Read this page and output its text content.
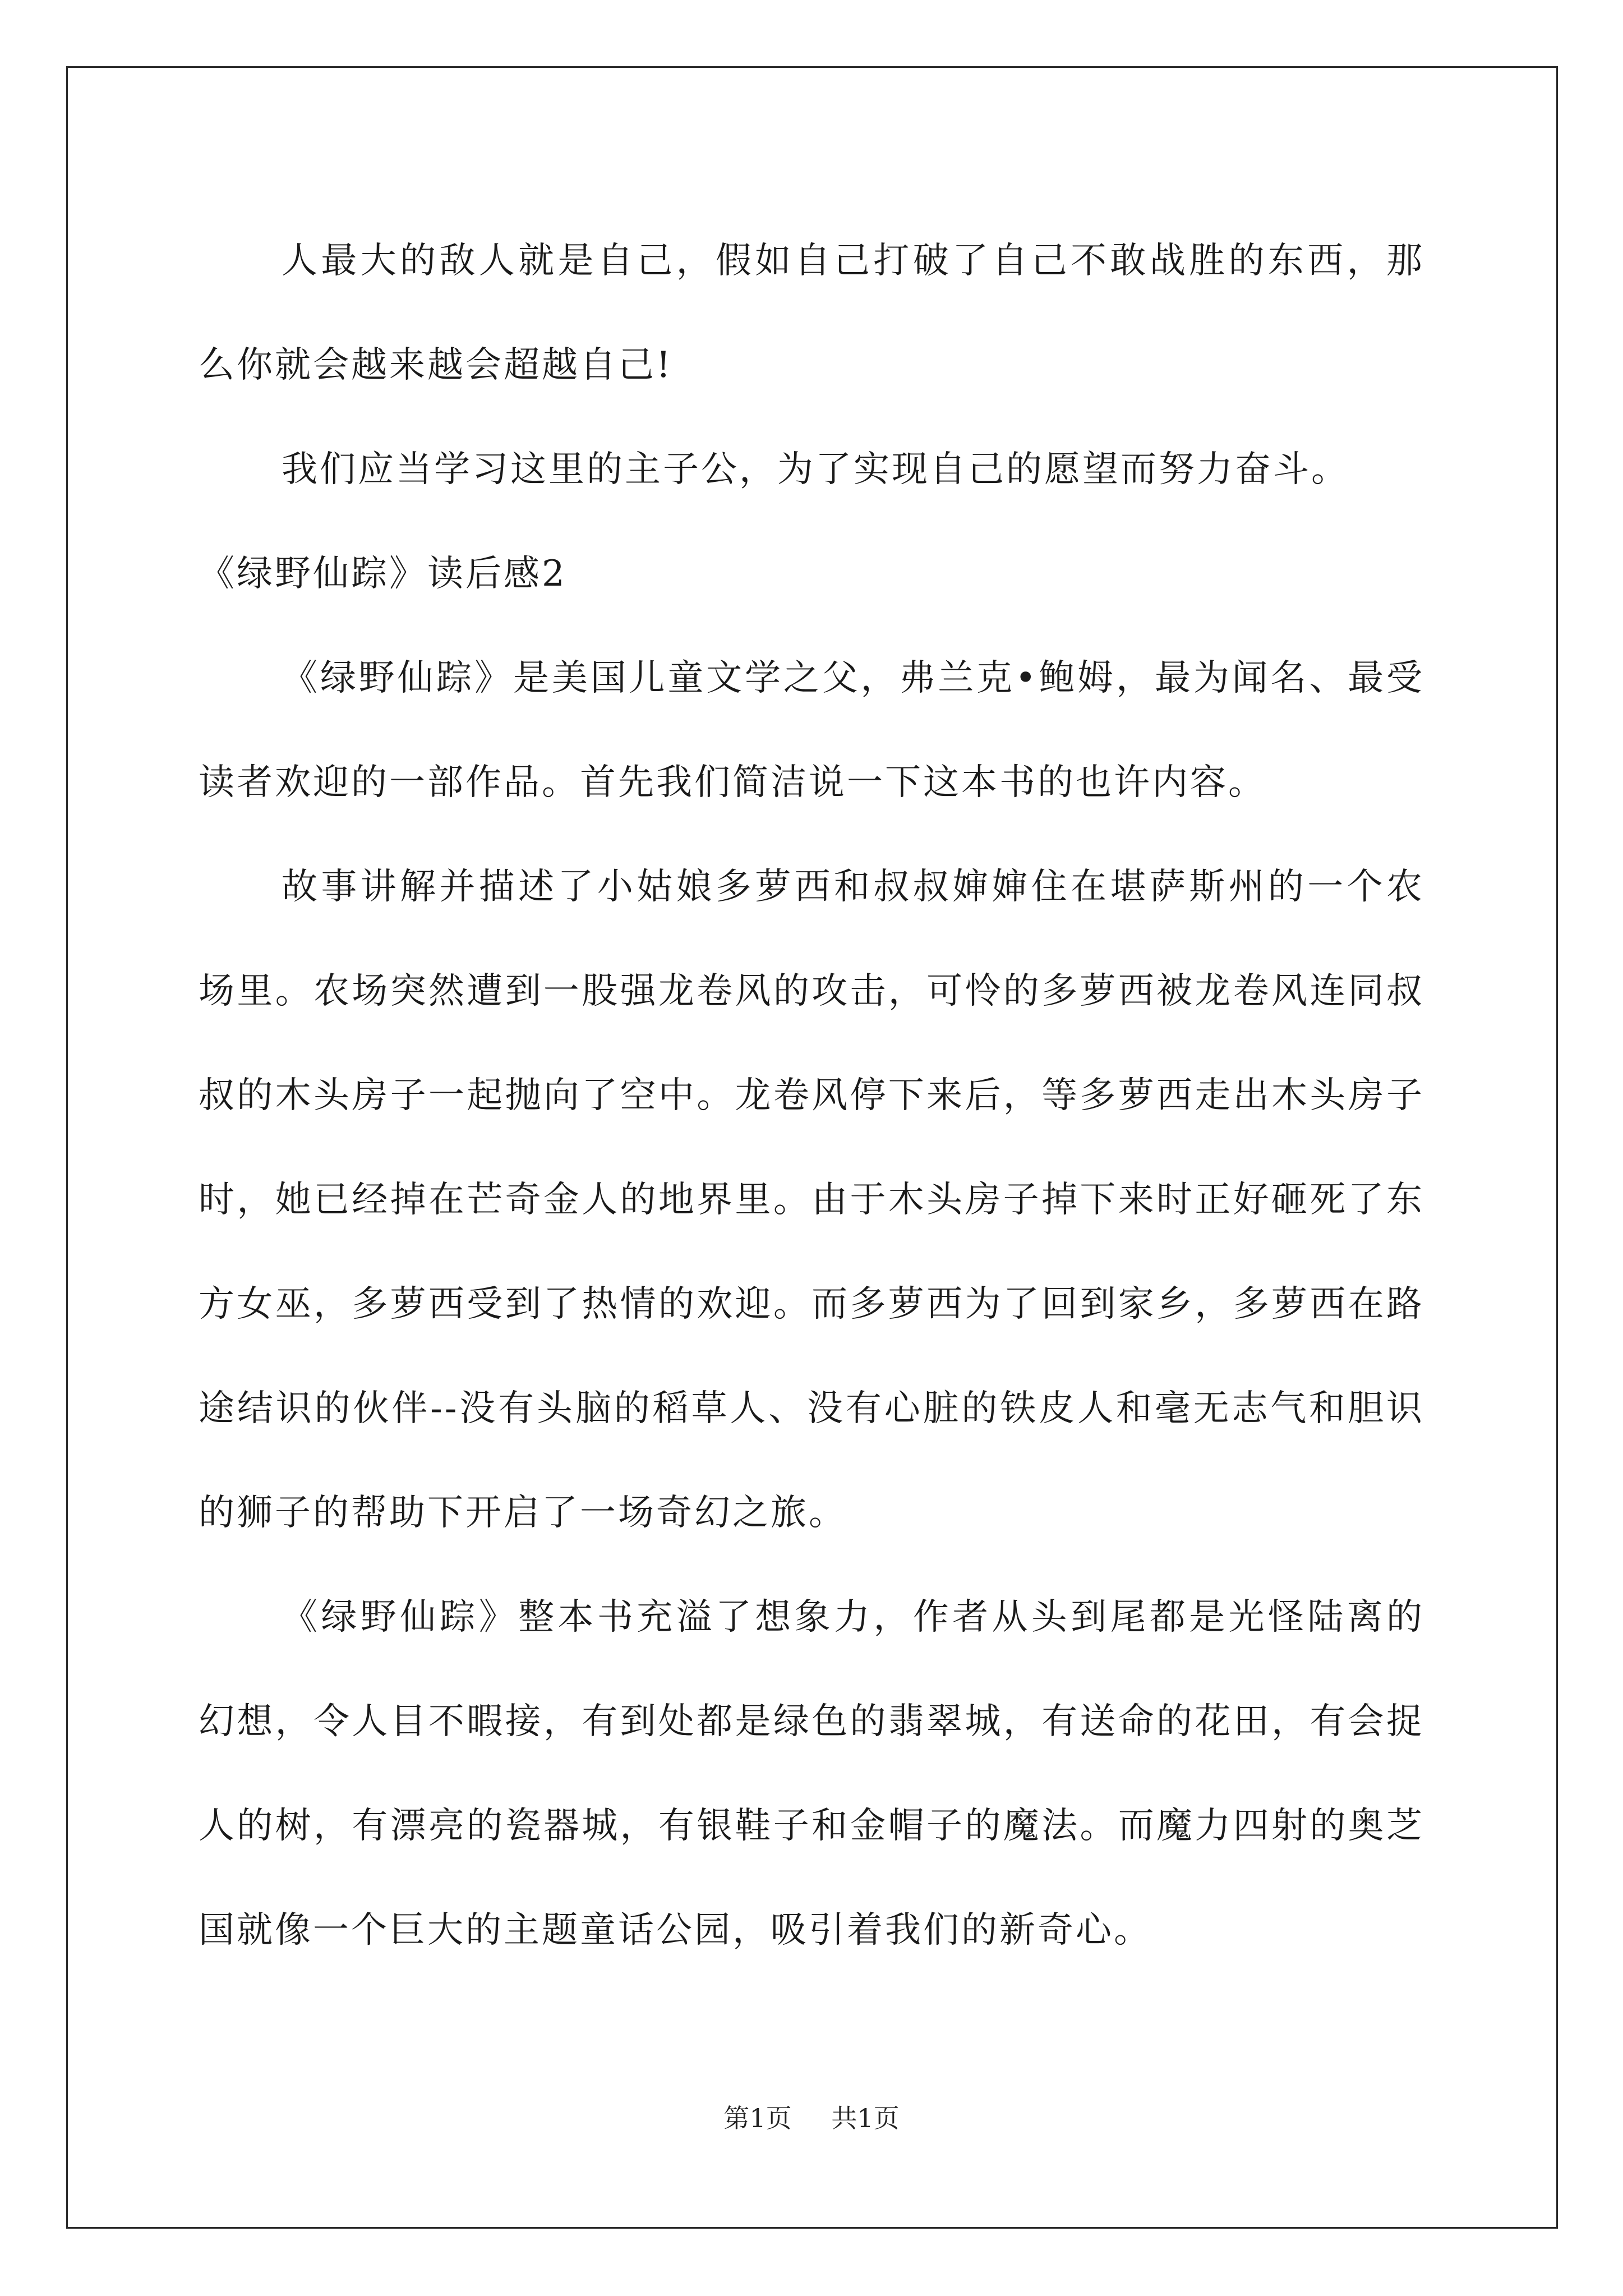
人最大的敌人就是自己，假如自己打破了自己不敢战胜的东西，那么你就会越来越会超越自己!

我们应当学习这里的主子公，为了实现自己的愿望而努力奋斗。

《绿野仙踪》读后感2

《绿野仙踪》是美国儿童文学之父，弗兰克•鲍姆，最为闻名、最受读者欢迎的一部作品。首先我们简洁说一下这本书的也许内容。

故事讲解并描述了小姑娘多萝西和叔叔婶婶住在堪萨斯州的一个农场里。农场突然遭到一股强龙卷风的攻击，可怜的多萝西被龙卷风连同叔叔的木头房子一起抛向了空中。龙卷风停下来后，等多萝西走出木头房子时，她已经掉在芒奇金人的地界里。由于木头房子掉下来时正好砸死了东方女巫，多萝西受到了热情的欢迎。而多萝西为了回到家乡，多萝西在路途结识的伙伴--没有头脑的稻草人、没有心脏的铁皮人和毫无志气和胆识的狮子的帮助下开启了一场奇幻之旅。

《绿野仙踪》整本书充溢了想象力，作者从头到尾都是光怪陆离的幻想，令人目不暇接，有到处都是绿色的翡翠城，有送命的花田，有会捉人的树，有漂亮的瓷器城，有银鞋子和金帽子的魔法。而魔力四射的奥芝国就像一个巨大的主题童话公园，吸引着我们的新奇心。

第1页 共1页
